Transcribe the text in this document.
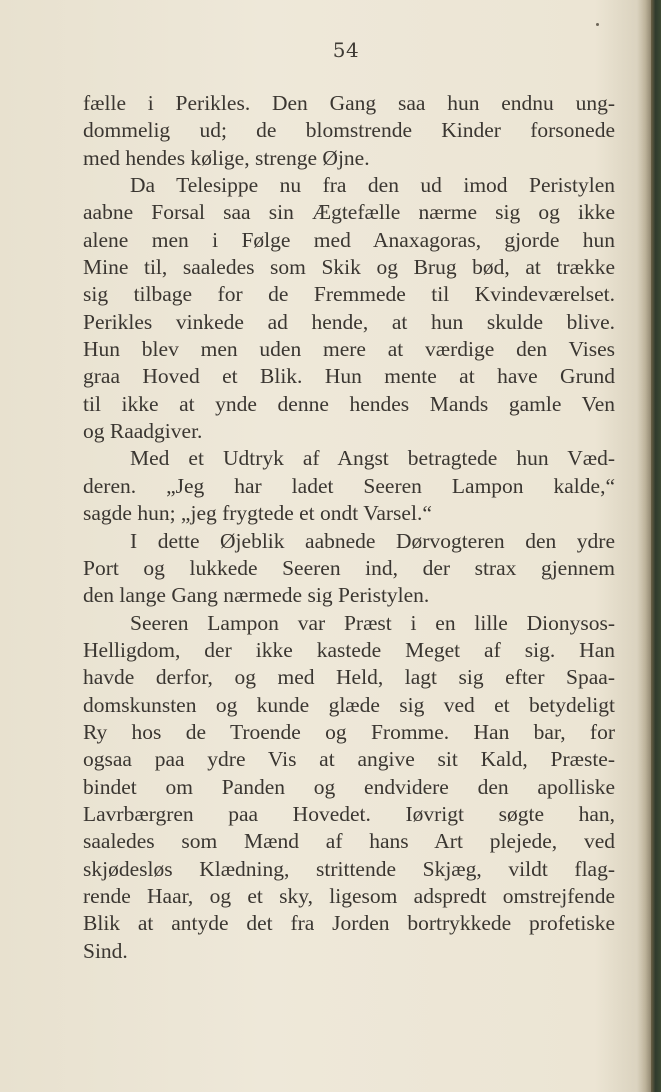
54
fælle i Perikles. Den Gang saa hun endnu ung-
dommelig ud; de blomstrende Kinder forsonede
med hendes kølige, strenge Øjne.
Da Telesippe nu fra den ud imod Peristylen
aabne Forsal saa sin Ægtefælle nærme sig og ikke
alene men i Følge med Anaxagoras, gjorde hun
Mine til, saaledes som Skik og Brug bød, at trække
sig tilbage for de Fremmede til Kvindeværelset.
Perikles vinkede ad hende, at hun skulde blive.
Hun blev men uden mere at værdige den Vises
graa Hoved et Blik. Hun mente at have Grund
til ikke at ynde denne hendes Mands gamle Ven
og Raadgiver.
Med et Udtryk af Angst betragtede hun Væd-
deren. „Jeg har ladet Seeren Lampon kalde,“
sagde hun; „jeg frygtede et ondt Varsel.“
I dette Øjeblik aabnede Dørvogteren den ydre
Port og lukkede Seeren ind, der strax gjennem
den lange Gang nærmede sig Peristylen.
Seeren Lampon var Præst i en lille Dionysos-
Helligdom, der ikke kastede Meget af sig. Han
havde derfor, og med Held, lagt sig efter Spaa-
domskunsten og kunde glæde sig ved et betydeligt
Ry hos de Troende og Fromme. Han bar, for
ogsaa paa ydre Vis at angive sit Kald, Præste-
bindet om Panden og endvidere den apolliske
Lavrbærgren paa Hovedet. Iøvrigt søgte han,
saaledes som Mænd af hans Art plejede, ved
skjødesløs Klædning, strittende Skjæg, vildt flag-
rende Haar, og et sky, ligesom adspredt omstrejfende
Blik at antyde det fra Jorden bortrykkede profetiske
Sind.
